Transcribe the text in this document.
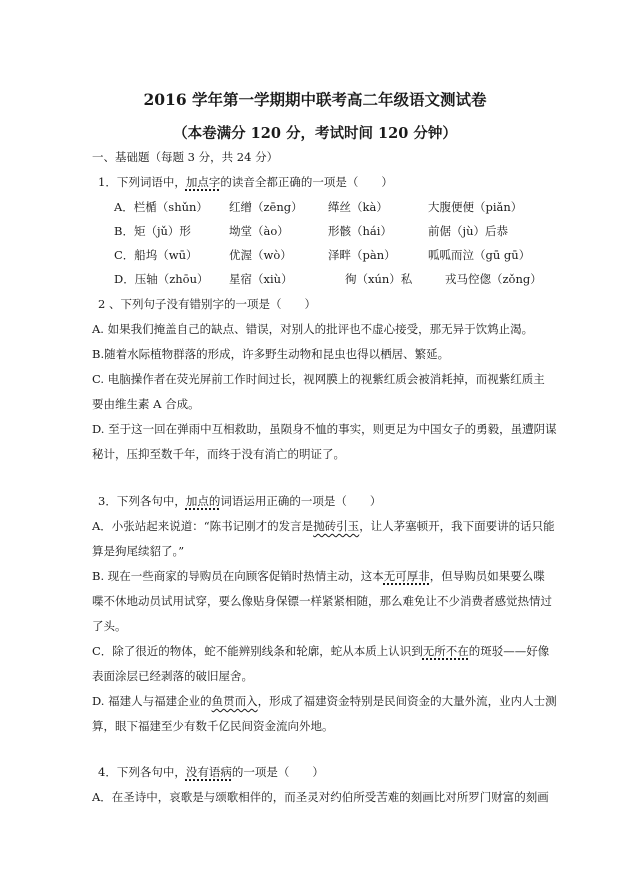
2016 学年第一学期期中联考高二年级语文测试卷
（本卷满分 120 分，考试时间 120 分钟）
一、基础题（每题 3 分，共 24 分）
1．下列词语中，加点字的读音全都正确的一项是（　　）
A．栏楯（shǔn） 红缯（zēng） 缂丝（kà）	大腹便便（piǎn）
B．矩（jǔ）形	坳堂（ào）	形骸（hái）	前倨（jù）后恭
C．船坞（wū）	优渥（wò）	泽畔（pàn）	呱呱而泣（gū gū）
D．压轴（zhōu） 星宿（xiù）	徇（xún）私	戎马倥偬（zǒng）
2 、下列句子没有错别字的一项是（　　）
A. 如果我们掩盖自己的缺点、错误，对别人的批评也不虚心接受，那无异于饮鸩止渴。
B.随着水际植物群落的形成，许多野生动物和昆虫也得以栖居、繁延。
C. 电脑操作者在荧光屏前工作时间过长，视网膜上的视紫红质会被消耗掉，而视紫红质主
要由维生素 A 合成。
D. 至于这一回在弹雨中互相救助，虽陨身不恤的事实，则更足为中国女子的勇毅，虽遭阴谋
秘计，压抑至数千年，而终于没有消亡的明证了。
3．下列各句中，加点的词语运用正确的一项是（　　）
A．小张站起来说道：“陈书记刚才的发言是抛砖引玉，让人茅塞顿开，我下面要讲的话只能
算是狗尾续貂了。”
B. 现在一些商家的导购员在向顾客促销时热情主动，这本无可厚非，但导购员如果要么喋
喋不休地动员试用试穿，要么像贴身保镖一样紧紧相随，那么难免让不少消费者感觉热情过
了头。
C．除了很近的物体，蛇不能辨别线条和轮廓，蛇从本质上认识到无所不在的斑驳——好像
表面涂层已经剥落的破旧屋舍。
D. 福建人与福建企业的鱼贯而入，形成了福建资金特别是民间资金的大量外流，业内人士测
算，眼下福建至少有数千亿民间资金流向外地。
4．下列各句中，没有语病的一项是（　　）
A．在圣诗中，哀歌是与颂歌相伴的，而圣灵对约伯所受苦难的刻画比对所罗门财富的刻画
